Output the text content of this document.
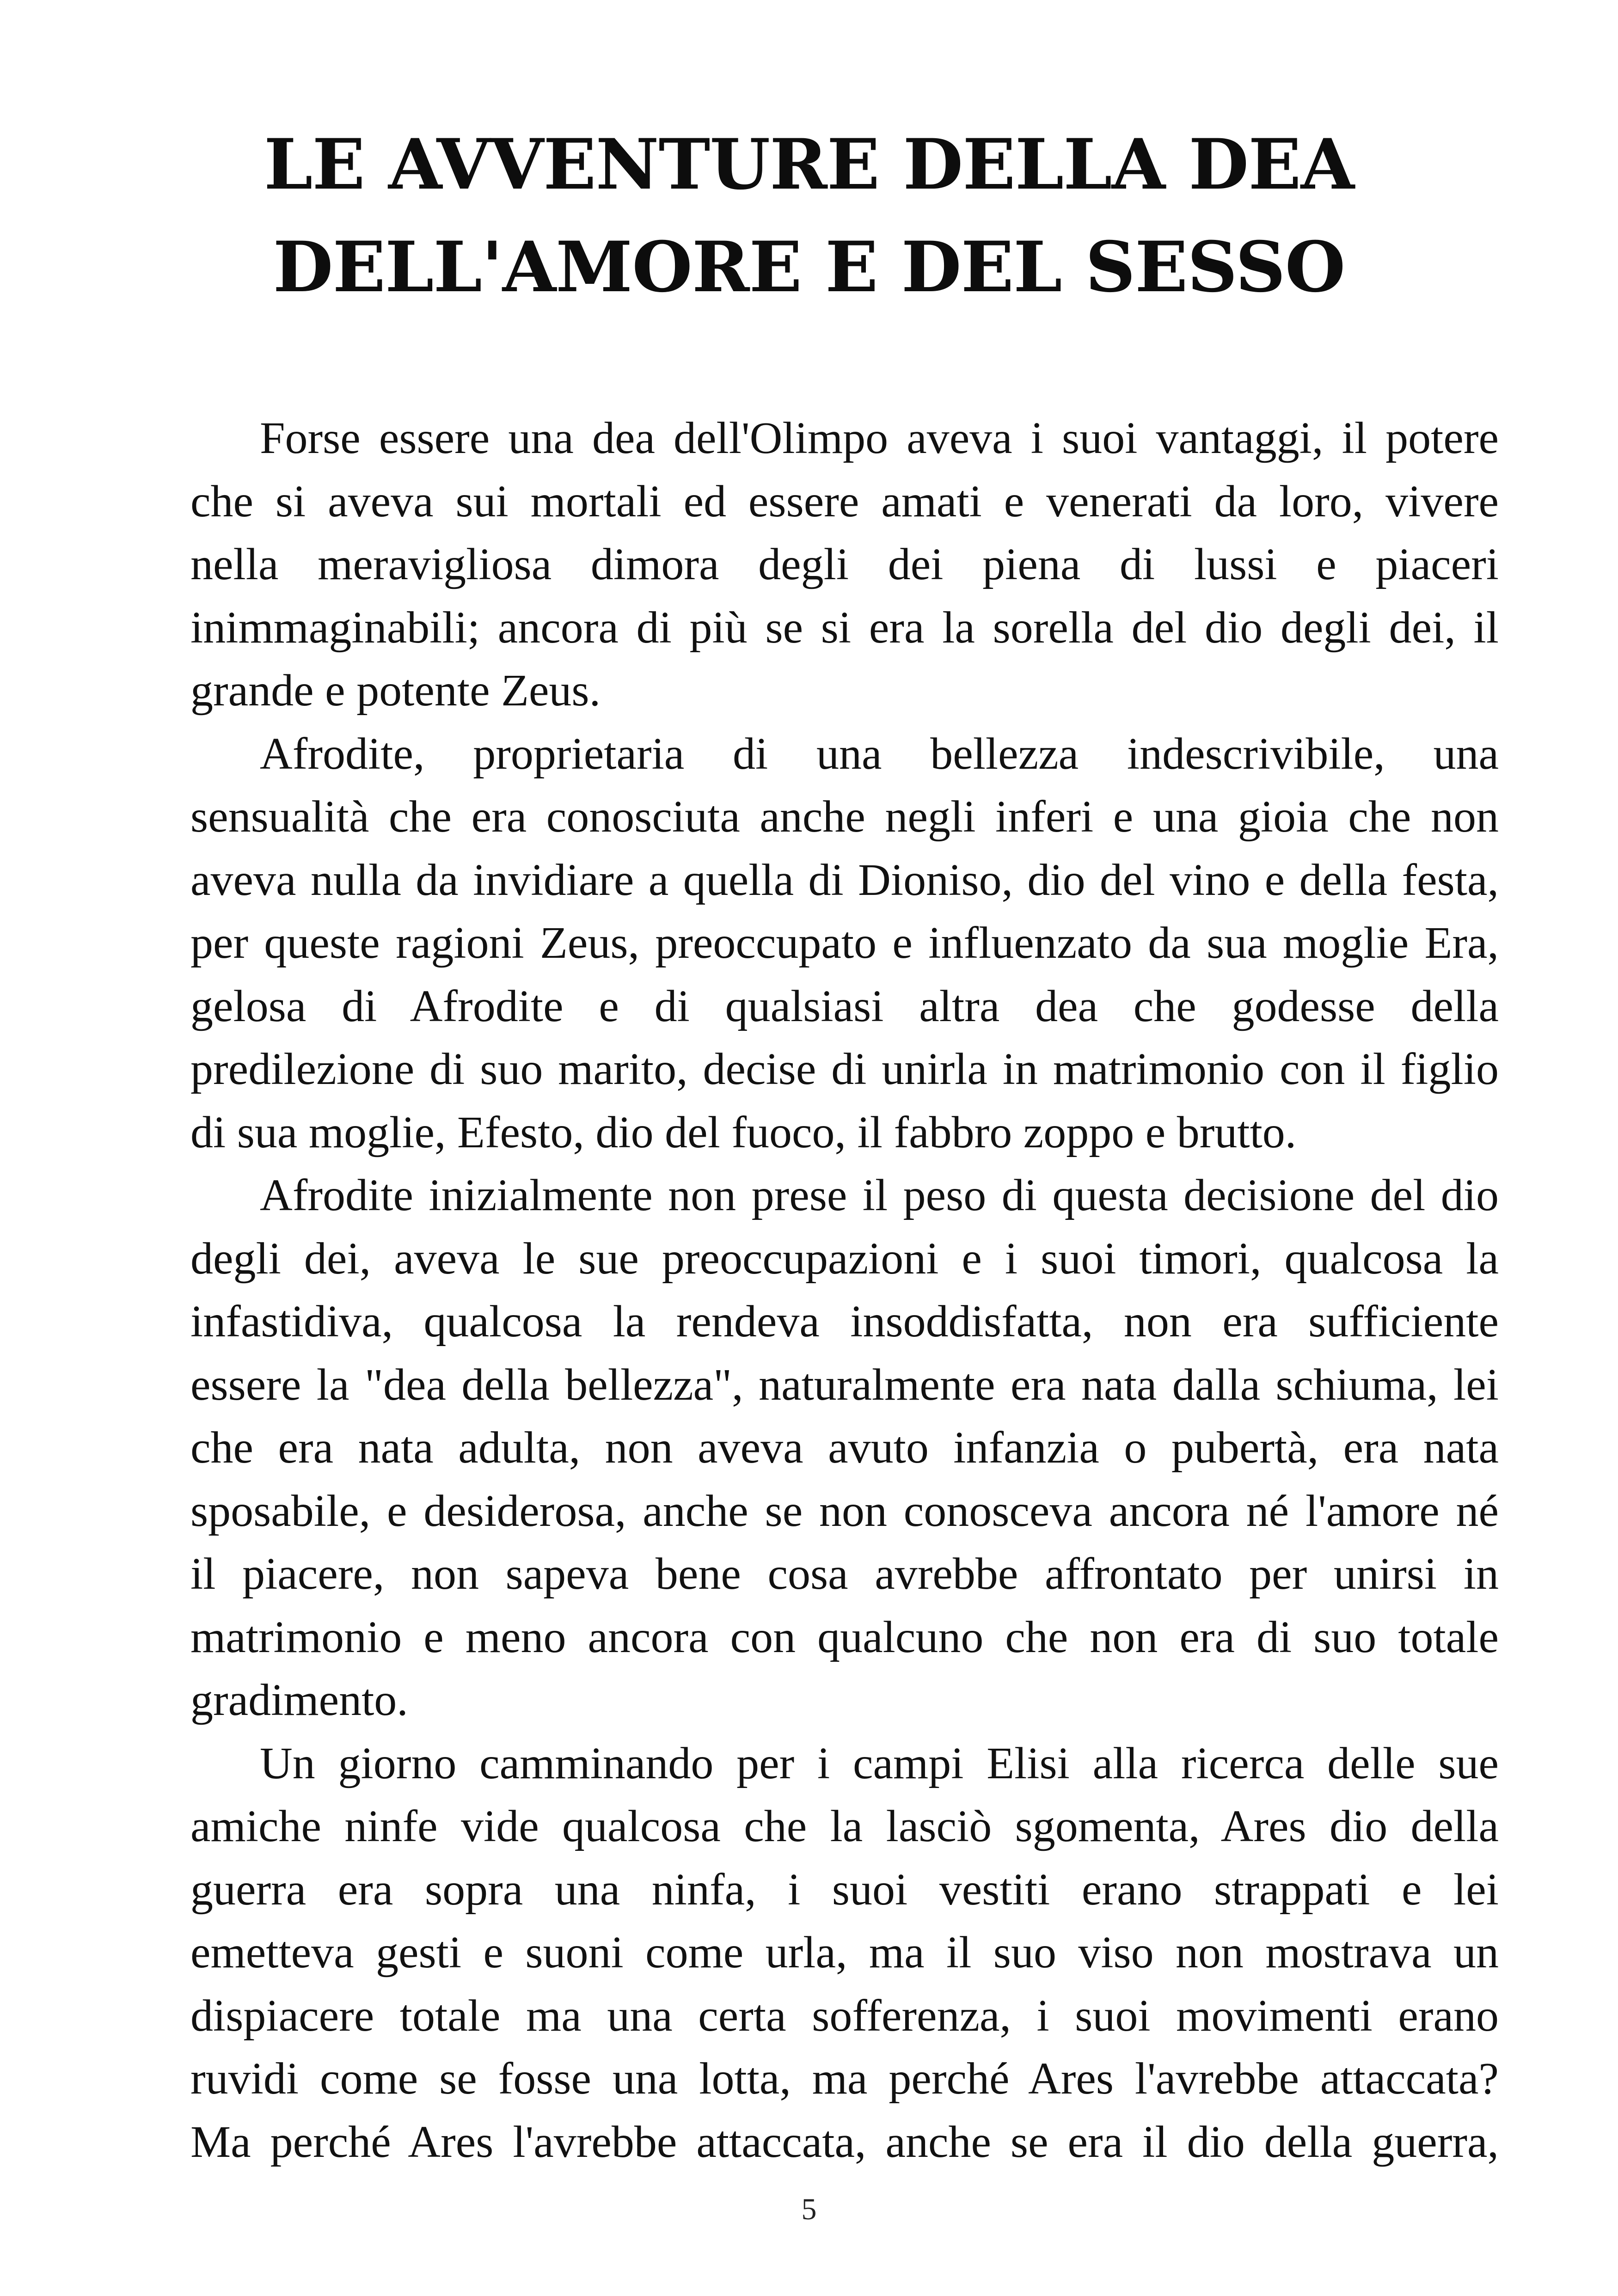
LE AVVENTURE DELLA DEA
DELL'AMORE E DEL SESSO
Forse essere una dea dell'Olimpo aveva i suoi vantaggi, il potere
che si aveva sui mortali ed essere amati e venerati da loro, vivere
nella meravigliosa dimora degli dei piena di lussi e piaceri
inimmaginabili; ancora di più se si era la sorella del dio degli dei, il
grande e potente Zeus.
Afrodite, proprietaria di una bellezza indescrivibile, una
sensualità che era conosciuta anche negli inferi e una gioia che non
aveva nulla da invidiare a quella di Dioniso, dio del vino e della festa,
per queste ragioni Zeus, preoccupato e influenzato da sua moglie Era,
gelosa di Afrodite e di qualsiasi altra dea che godesse della
predilezione di suo marito, decise di unirla in matrimonio con il figlio
di sua moglie, Efesto, dio del fuoco, il fabbro zoppo e brutto.
Afrodite inizialmente non prese il peso di questa decisione del dio
degli dei, aveva le sue preoccupazioni e i suoi timori, qualcosa la
infastidiva, qualcosa la rendeva insoddisfatta, non era sufficiente
essere la "dea della bellezza", naturalmente era nata dalla schiuma, lei
che era nata adulta, non aveva avuto infanzia o pubertà, era nata
sposabile, e desiderosa, anche se non conosceva ancora né l'amore né
il piacere, non sapeva bene cosa avrebbe affrontato per unirsi in
matrimonio e meno ancora con qualcuno che non era di suo totale
gradimento.
Un giorno camminando per i campi Elisi alla ricerca delle sue
amiche ninfe vide qualcosa che la lasciò sgomenta, Ares dio della
guerra era sopra una ninfa, i suoi vestiti erano strappati e lei
emetteva gesti e suoni come urla, ma il suo viso non mostrava un
dispiacere totale ma una certa sofferenza, i suoi movimenti erano
ruvidi come se fosse una lotta, ma perché Ares l'avrebbe attaccata?
Ma perché Ares l'avrebbe attaccata, anche se era il dio della guerra,
5
